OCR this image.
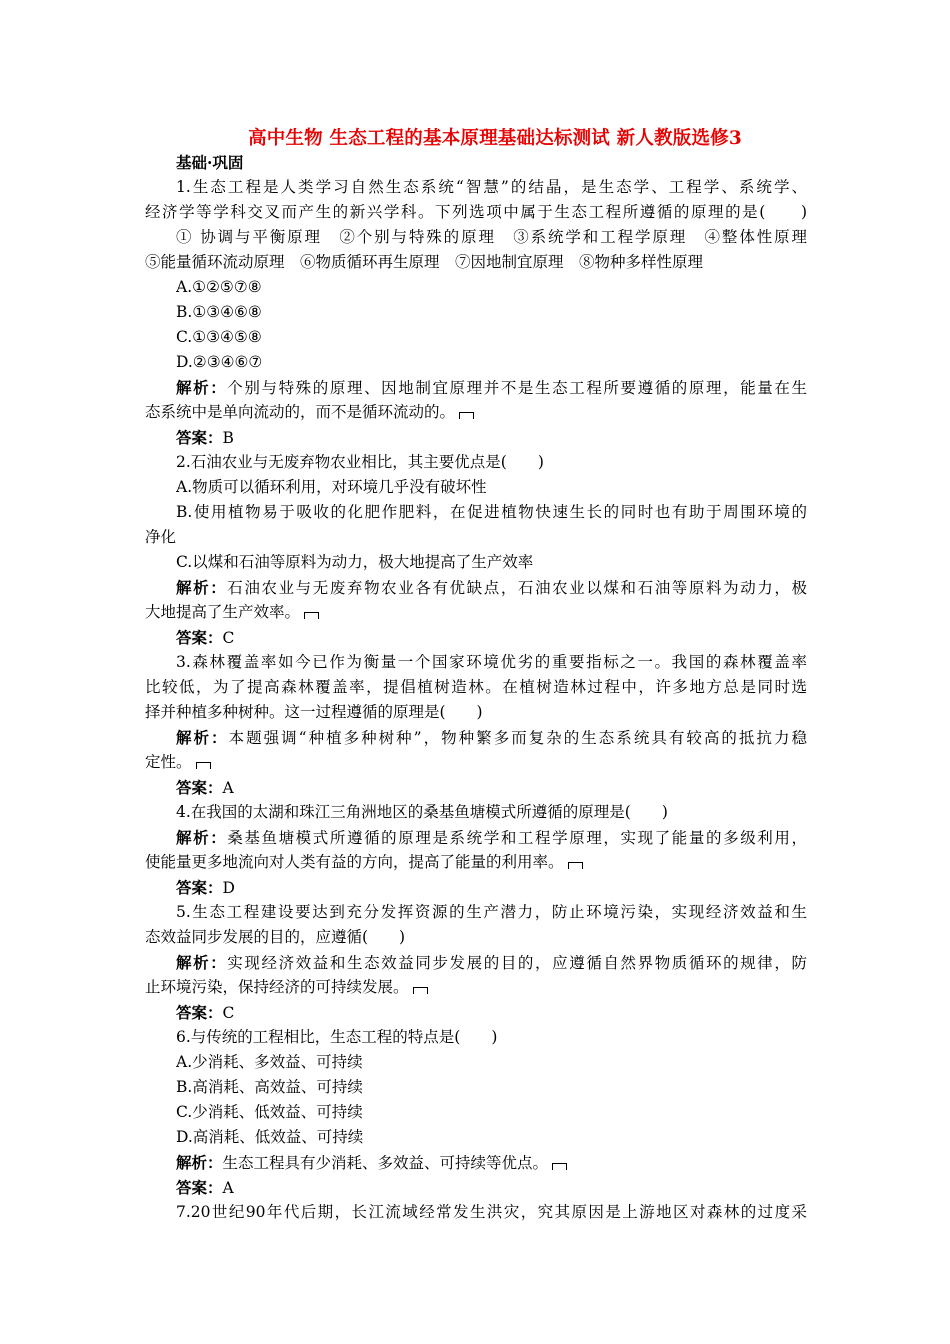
高中生物 生态工程的基本原理基础达标测试 新人教版选修3
基础·巩固
1.生态工程是人类学习自然生态系统“智慧”的结晶，是生态学、工程学、系统学、
经济学等学科交叉而产生的新兴学科。下列选项中属于生态工程所遵循的原理的是(　　)
① 协调与平衡原理　②个别与特殊的原理　③系统学和工程学原理　④整体性原理
⑤能量循环流动原理　⑥物质循环再生原理　⑦因地制宜原理　⑧物种多样性原理
A.①②⑤⑦⑧
B.①③④⑥⑧
C.①③④⑤⑧
D.②③④⑥⑦
解析：个别与特殊的原理、因地制宜原理并不是生态工程所要遵循的原理，能量在生
态系统中是单向流动的，而不是循环流动的。
答案：B
2.石油农业与无废弃物农业相比，其主要优点是(　　)
A.物质可以循环利用，对环境几乎没有破坏性
B.使用植物易于吸收的化肥作肥料，在促进植物快速生长的同时也有助于周围环境的
净化
C.以煤和石油等原料为动力，极大地提高了生产效率
解析：石油农业与无废弃物农业各有优缺点，石油农业以煤和石油等原料为动力，极
大地提高了生产效率。
答案：C
3.森林覆盖率如今已作为衡量一个国家环境优劣的重要指标之一。我国的森林覆盖率
比较低，为了提高森林覆盖率，提倡植树造林。在植树造林过程中，许多地方总是同时选
择并种植多种树种。这一过程遵循的原理是(　　)
解析：本题强调“种植多种树种”，物种繁多而复杂的生态系统具有较高的抵抗力稳
定性。
答案：A
4.在我国的太湖和珠江三角洲地区的桑基鱼塘模式所遵循的原理是(　　)
解析：桑基鱼塘模式所遵循的原理是系统学和工程学原理，实现了能量的多级利用，
使能量更多地流向对人类有益的方向，提高了能量的利用率。
答案：D
5.生态工程建设要达到充分发挥资源的生产潜力，防止环境污染，实现经济效益和生
态效益同步发展的目的，应遵循(　　)
解析：实现经济效益和生态效益同步发展的目的，应遵循自然界物质循环的规律，防
止环境污染，保持经济的可持续发展。
答案：C
6.与传统的工程相比，生态工程的特点是(　　)
A.少消耗、多效益、可持续
B.高消耗、高效益、可持续
C.少消耗、低效益、可持续
D.高消耗、低效益、可持续
解析：生态工程具有少消耗、多效益、可持续等优点。
答案：A
7.20世纪90年代后期，长江流域经常发生洪灾，究其原因是上游地区对森林的过度采
